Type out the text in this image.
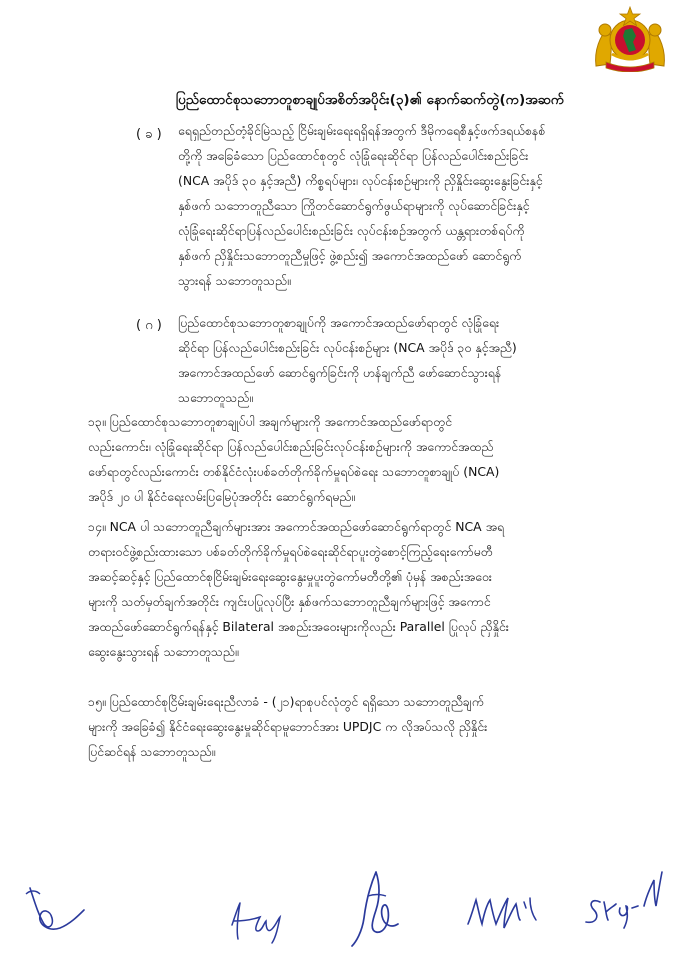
ပြည်ထောင်စုသဘောတူစာချုပ်အစိတ်အပိုင်း(၃)၏ နောက်ဆက်တွဲ(က)အဆက်
( ခ ) ရေရှည်တည်တံ့ခိုင်မြဲသည့် ငြိမ်းချမ်းရေးရရှိရန်အတွက် ဒီမိုကရေစီနှင့်ဖက်ဒရယ်စနစ်
တို့ကို အခြေခံသော ပြည်ထောင်စုတွင် လုံခြုံရေးဆိုင်ရာ ပြန်လည်ပေါင်းစည်းခြင်း
(NCA အပိုဒ် ၃၀ နှင့်အညီ) ကိစ္စရပ်များ၊ လုပ်ငန်းစဉ်များကို ညှိနှိုင်းဆွေးနွေးခြင်းနှင့်
နှစ်ဖက် သဘောတူညီသော ကြိုတင်ဆောင်ရွက်ဖွယ်ရာများကို လုပ်ဆောင်ခြင်းနှင့်
လုံခြုံရေးဆိုင်ရာပြန်လည်ပေါင်းစည်းခြင်း လုပ်ငန်းစဉ်အတွက် ယန္တရားတစ်ရပ်ကို
နှစ်ဖက် ညှိနှိုင်းသဘောတူညီမှုဖြင့် ဖွဲ့စည်း၍ အကောင်အထည်ဖော် ဆောင်ရွက်
သွားရန် သဘောတူသည်။
( ဂ ) ပြည်ထောင်စုသဘောတူစာချုပ်ကို အကောင်အထည်ဖော်ရာတွင် လုံခြုံရေး
ဆိုင်ရာ ပြန်လည်ပေါင်းစည်းခြင်း လုပ်ငန်းစဉ်များ (NCA အပိုဒ် ၃၀ နှင့်အညီ)
အကောင်အထည်ဖော် ဆောင်ရွက်ခြင်းကို ဟန်ချက်ညီ ဖော်ဆောင်သွားရန်
သဘောတူသည်။
၁၃။ ပြည်ထောင်စုသဘောတူစာချုပ်ပါ အချက်များကို အကောင်အထည်ဖော်ရာတွင်
လည်းကောင်း၊ လုံခြုံရေးဆိုင်ရာ ပြန်လည်ပေါင်းစည်းခြင်းလုပ်ငန်းစဉ်များကို အကောင်အထည်
ဖော်ရာတွင်လည်းကောင်း တစ်နိုင်ငံလုံးပစ်ခတ်တိုက်ခိုက်မှုရပ်စဲရေး သဘောတူစာချုပ် (NCA)
အပိုဒ် ၂၀ ပါ နိုင်ငံရေးလမ်းပြမြေပုံအတိုင်း ဆောင်ရွက်ရမည်။
၁၄။ NCA ပါ သဘောတူညီချက်များအား အကောင်အထည်ဖော်ဆောင်ရွက်ရာတွင် NCA အရ
တရားဝင်ဖွဲ့စည်းထားသော ပစ်ခတ်တိုက်ခိုက်မှုရပ်စဲရေးဆိုင်ရာပူးတွဲစောင့်ကြည့်ရေးကော်မတီ
အဆင့်ဆင့်နှင့် ပြည်ထောင်စုငြိမ်းချမ်းရေးဆွေးနွေးမှုပူးတွဲကော်မတီတို့၏ ပုံမှန် အစည်းအဝေး
များကို သတ်မှတ်ချက်အတိုင်း ကျင်းပပြုလုပ်ပြီး နှစ်ဖက်သဘောတူညီချက်များဖြင့် အကောင်
အထည်ဖော်ဆောင်ရွက်ရန်နှင့် Bilateral အစည်းအဝေးများကိုလည်း Parallel ပြုလုပ် ညှိနှိုင်း
ဆွေးနွေးသွားရန် သဘောတူသည်။
၁၅။ ပြည်ထောင်စုငြိမ်းချမ်းရေးညီလာခံ - (၂၁)ရာစုပင်လုံတွင် ရရှိသော သဘောတူညီချက်
များကို အခြေခံ၍ နိုင်ငံရေးဆွေးနွေးမှုဆိုင်ရာမူဘောင်အား UPDJC က လိုအပ်သလို ညှိနှိုင်း
ပြင်ဆင်ရန် သဘောတူသည်။
